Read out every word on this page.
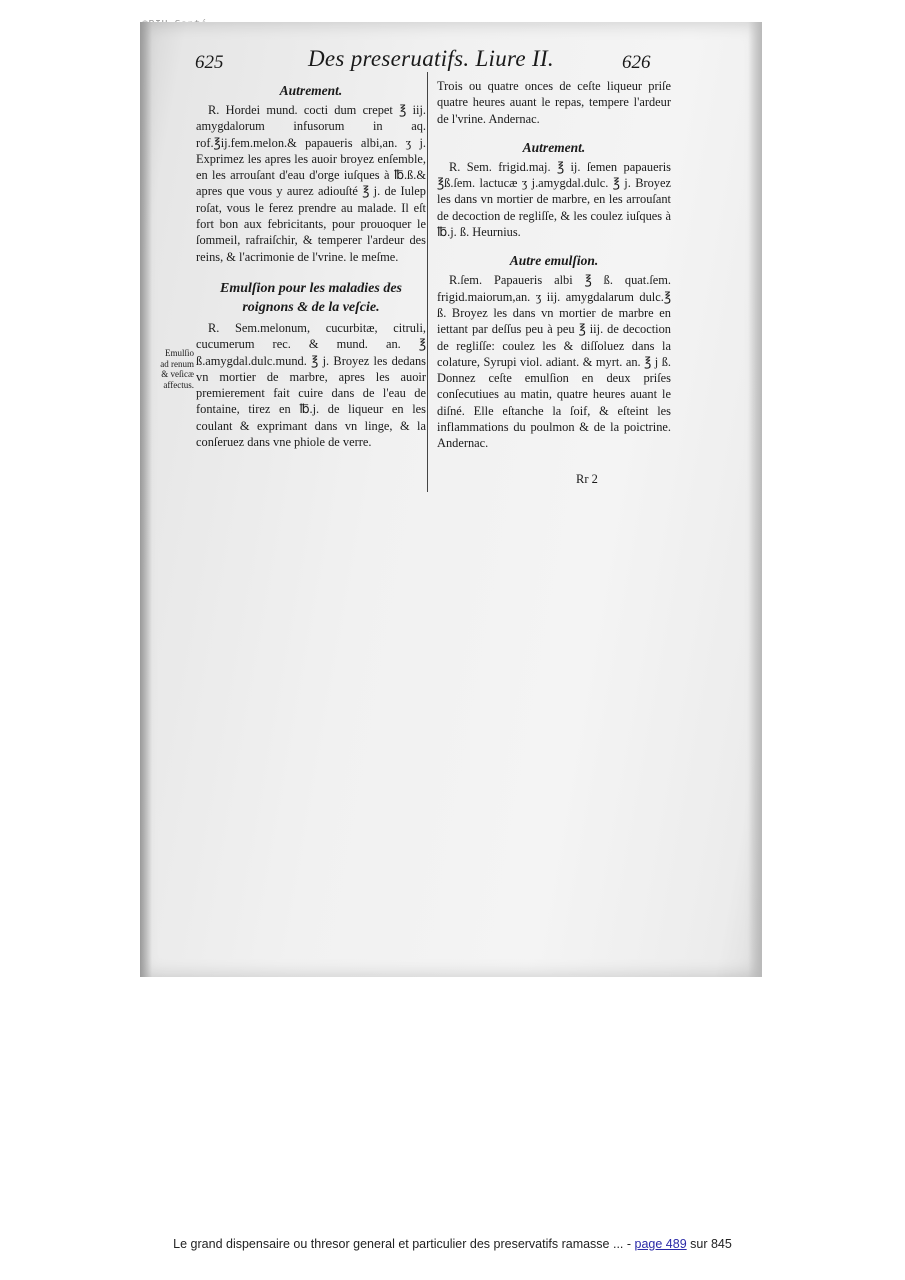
625	Des preseruatifs. Liure II.	626
Emulſio
ad renum
& veſicæ
affectus.
Autrement.

R. Hordei mund. cocti dum crepet ℥ iij. amygdalorum infusorum in aq. rof.℥ij.fem.melon.& papaueris albi,an. ʒ j. Exprimez les apres les auoir broyez enſemble, en les arrouſant d'eau d'orge iuſques à ℔.ß.& apres que vous y aurez adiouſté ℥ j. de Iulep roſat, vous le ferez prendre au malade. Il eſt fort bon aux febricitants, pour prouoquer le ſommeil, rafraiſchir, & temperer l'ardeur des reins, & l'acrimonie de l'vrine. le meſme.

Emulſion pour les maladies des roignons & de la veſcie.

R. Sem.melonum, cucurbitæ, citruli, cucumerum rec. & mund. an. ℥ ß.amygdal.dulc.mund. ℥ j. Broyez les dedans vn mortier de marbre, apres les auoir premierement fait cuire dans de l'eau de fontaine, tirez en ℔.j. de liqueur en les coulant & exprimant dans vn linge, & la conſeruez dans vne phiole de verre.

Trois ou quatre onces de ceſte liqueur priſe quatre heures auant le repas, tempere l'ardeur de l'vrine. Andernac.

Autrement.

R. Sem. frigid.maj. ℥ ij. ſemen papaueris ℥ß.ſem. lactucæ ʒ j.amygdal.dulc. ℥ j. Broyez les dans vn mortier de marbre, en les arrouſant de decoction de regliſſe, & les coulez iuſques à ℔.j. ß. Heurnius.

Autre emulſion.

R.ſem. Papaueris albi ℥ ß. quat.ſem. frigid.maiorum,an. ʒ iij. amygdalarum dulc.℥ ß. Broyez les dans vn mortier de marbre en iettant par deſſus peu à peu ℥ iij. de decoction de regliſſe: coulez les & diſſoluez dans la colature, Syrupi viol. adiant. & myrt. an. ℥ j ß. Donnez ceſte emulſion en deux priſes conſecutiues au matin, quatre heures auant le diſné. Elle eſtanche la ſoif, & eſteint les inflammations du poulmon & de la poictrine. Andernac.

Rr 2
Le grand dispensaire ou thresor general et particulier des preservatifs ramasse ... - page 489 sur 845
